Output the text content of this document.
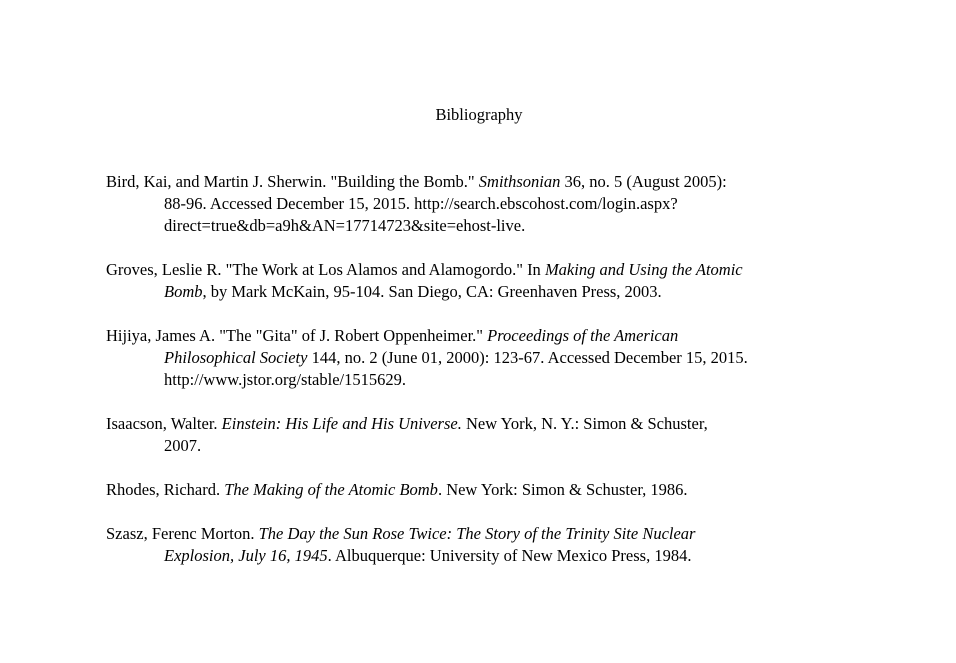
Bibliography
Bird, Kai, and Martin J. Sherwin. "Building the Bomb." Smithsonian 36, no. 5 (August 2005):
88-96. Accessed December 15, 2015. http://search.ebscohost.com/login.aspx?
direct=true&db=a9h&AN=17714723&site=ehost-live.
Groves, Leslie R. "The Work at Los Alamos and Alamogordo." In Making and Using the Atomic
Bomb, by Mark McKain, 95-104. San Diego, CA: Greenhaven Press, 2003.
Hijiya, James A. "The "Gita" of J. Robert Oppenheimer." Proceedings of the American
Philosophical Society 144, no. 2 (June 01, 2000): 123-67. Accessed December 15, 2015.
http://www.jstor.org/stable/1515629.
Isaacson, Walter. Einstein: His Life and His Universe. New York, N. Y.: Simon & Schuster,
2007.
Rhodes, Richard. The Making of the Atomic Bomb. New York: Simon & Schuster, 1986.
Szasz, Ferenc Morton. The Day the Sun Rose Twice: The Story of the Trinity Site Nuclear
Explosion, July 16, 1945. Albuquerque: University of New Mexico Press, 1984.
